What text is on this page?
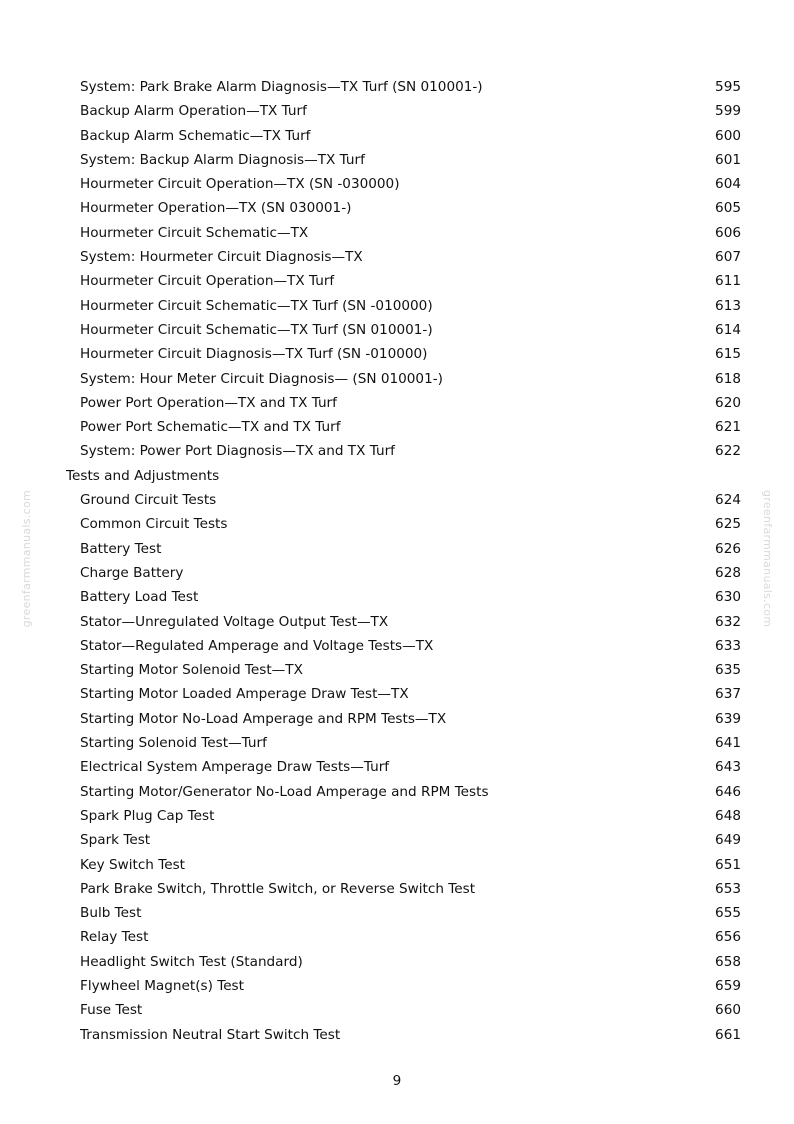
System: Park Brake Alarm Diagnosis—TX Turf (SN 010001-)	595
Backup Alarm Operation—TX Turf	599
Backup Alarm Schematic—TX Turf	600
System: Backup Alarm Diagnosis—TX Turf	601
Hourmeter Circuit Operation—TX (SN -030000)	604
Hourmeter Operation—TX (SN 030001-)	605
Hourmeter Circuit Schematic—TX	606
System: Hourmeter Circuit Diagnosis—TX	607
Hourmeter Circuit Operation—TX Turf	611
Hourmeter Circuit Schematic—TX Turf (SN -010000)	613
Hourmeter Circuit Schematic—TX Turf (SN 010001-)	614
Hourmeter Circuit Diagnosis—TX Turf (SN -010000)	615
System: Hour Meter Circuit Diagnosis— (SN 010001-)	618
Power Port Operation—TX and TX Turf	620
Power Port Schematic—TX and TX Turf	621
System: Power Port Diagnosis—TX and TX Turf	622
Tests and Adjustments
Ground Circuit Tests	624
Common Circuit Tests	625
Battery Test	626
Charge Battery	628
Battery Load Test	630
Stator—Unregulated Voltage Output Test—TX	632
Stator—Regulated Amperage and Voltage Tests—TX	633
Starting Motor Solenoid Test—TX	635
Starting Motor Loaded Amperage Draw Test—TX	637
Starting Motor No-Load Amperage and RPM Tests—TX	639
Starting Solenoid Test—Turf	641
Electrical System Amperage Draw Tests—Turf	643
Starting Motor/Generator No-Load Amperage and RPM Tests	646
Spark Plug Cap Test	648
Spark Test	649
Key Switch Test	651
Park Brake Switch, Throttle Switch, or Reverse Switch Test	653
Bulb Test	655
Relay Test	656
Headlight Switch Test (Standard)	658
Flywheel Magnet(s) Test	659
Fuse Test	660
Transmission Neutral Start Switch Test	661
greenfarmmanuals.com	greenfarmmanuals.com
9
